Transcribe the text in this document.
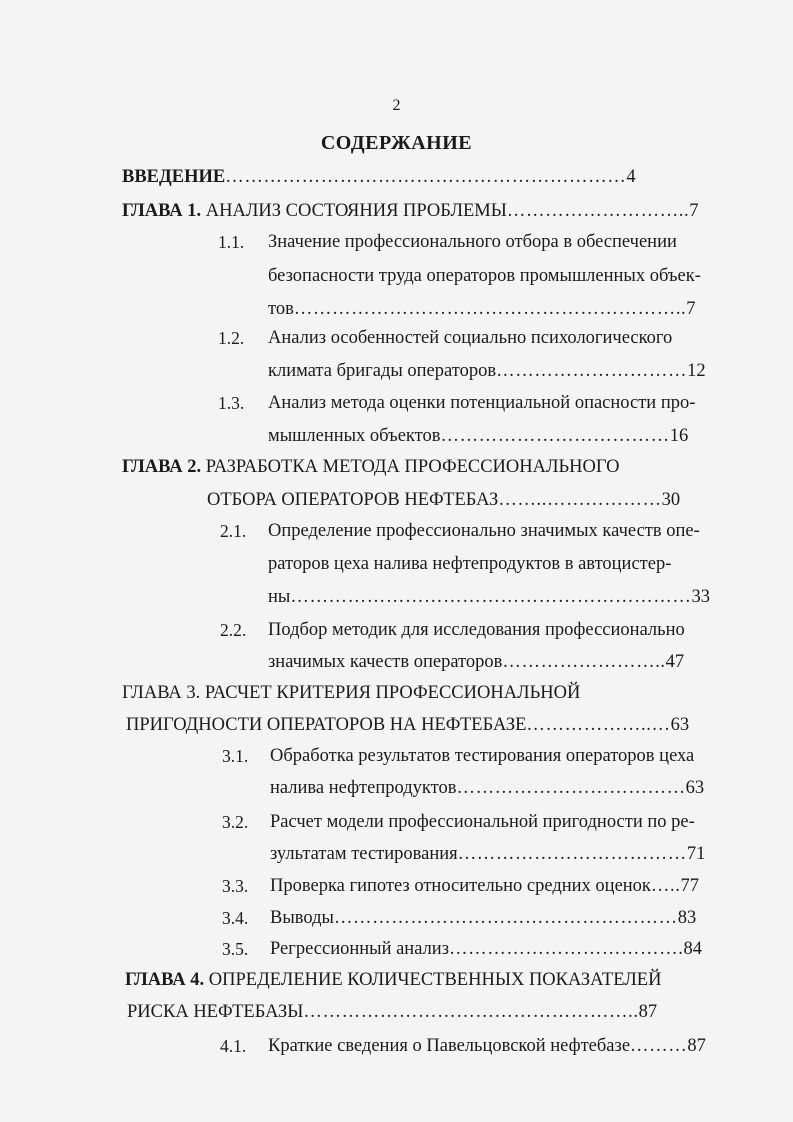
2
СОДЕРЖАНИЕ
ВВЕДЕНИЕ………………………………………………………4
ГЛАВА 1. АНАЛИЗ СОСТОЯНИЯ ПРОБЛЕМЫ………………………..7
1.1. Значение профессионального отбора в обеспечении
безопасности труда операторов промышленных объек-
тов……………………………………………………..7
1.2. Анализ особенностей социально психологического
климата бригады операторов…………………………12
1.3. Анализ метода оценки потенциальной опасности про-
мышленных объектов………………………………16
ГЛАВА 2. РАЗРАБОТКА МЕТОДА ПРОФЕССИОНАЛЬНОГО
ОТБОРА ОПЕРАТОРОВ НЕФТЕБАЗ……..………………30
2.1. Определение профессионально значимых качеств опе-
раторов цеха налива нефтепродуктов в автоцистер-
ны………………………………………………………33
2.2. Подбор методик для исследования профессионально
значимых качеств операторов……………………..47
ГЛАВА 3. РАСЧЕТ КРИТЕРИЯ ПРОФЕССИОНАЛЬНОЙ
ПРИГОДНОСТИ ОПЕРАТОРОВ НА НЕФТЕБАЗЕ………………..…63
3.1. Обработка результатов тестирования операторов цеха
налива нефтепродуктов………………………………63
3.2. Расчет модели профессиональной пригодности по ре-
зультатам тестирования………………………………71
3.3. Проверка гипотез относительно средних оценок…..77
3.4. Выводы………………………………………………83
3.5. Регрессионный анализ……………………………….84
ГЛАВА 4. ОПРЕДЕЛЕНИЕ КОЛИЧЕСТВЕННЫХ ПОКАЗАТЕЛЕЙ
РИСКА НЕФТЕБАЗЫ……………………………………………..87
4.1. Краткие сведения о Павельцовской нефтебазе………87
